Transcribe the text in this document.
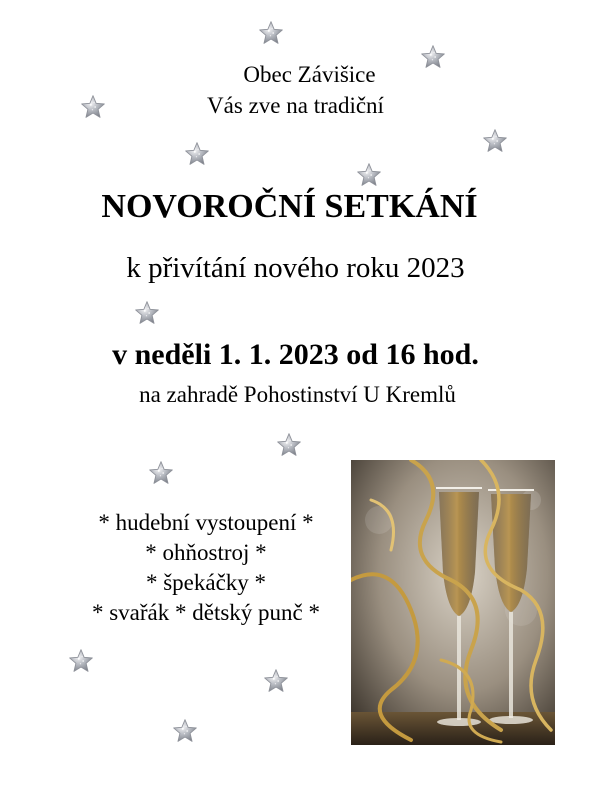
Obec Závišice
Vás zve na tradiční
NOVOROČNÍ SETKÁNÍ
k přivítání nového roku 2023
v neděli 1. 1. 2023 od 16 hod.
na zahradě Pohostinství U Kremlů
* hudební vystoupení *
* ohňostroj *
* špekáčky *
* svařák * dětský punč *
